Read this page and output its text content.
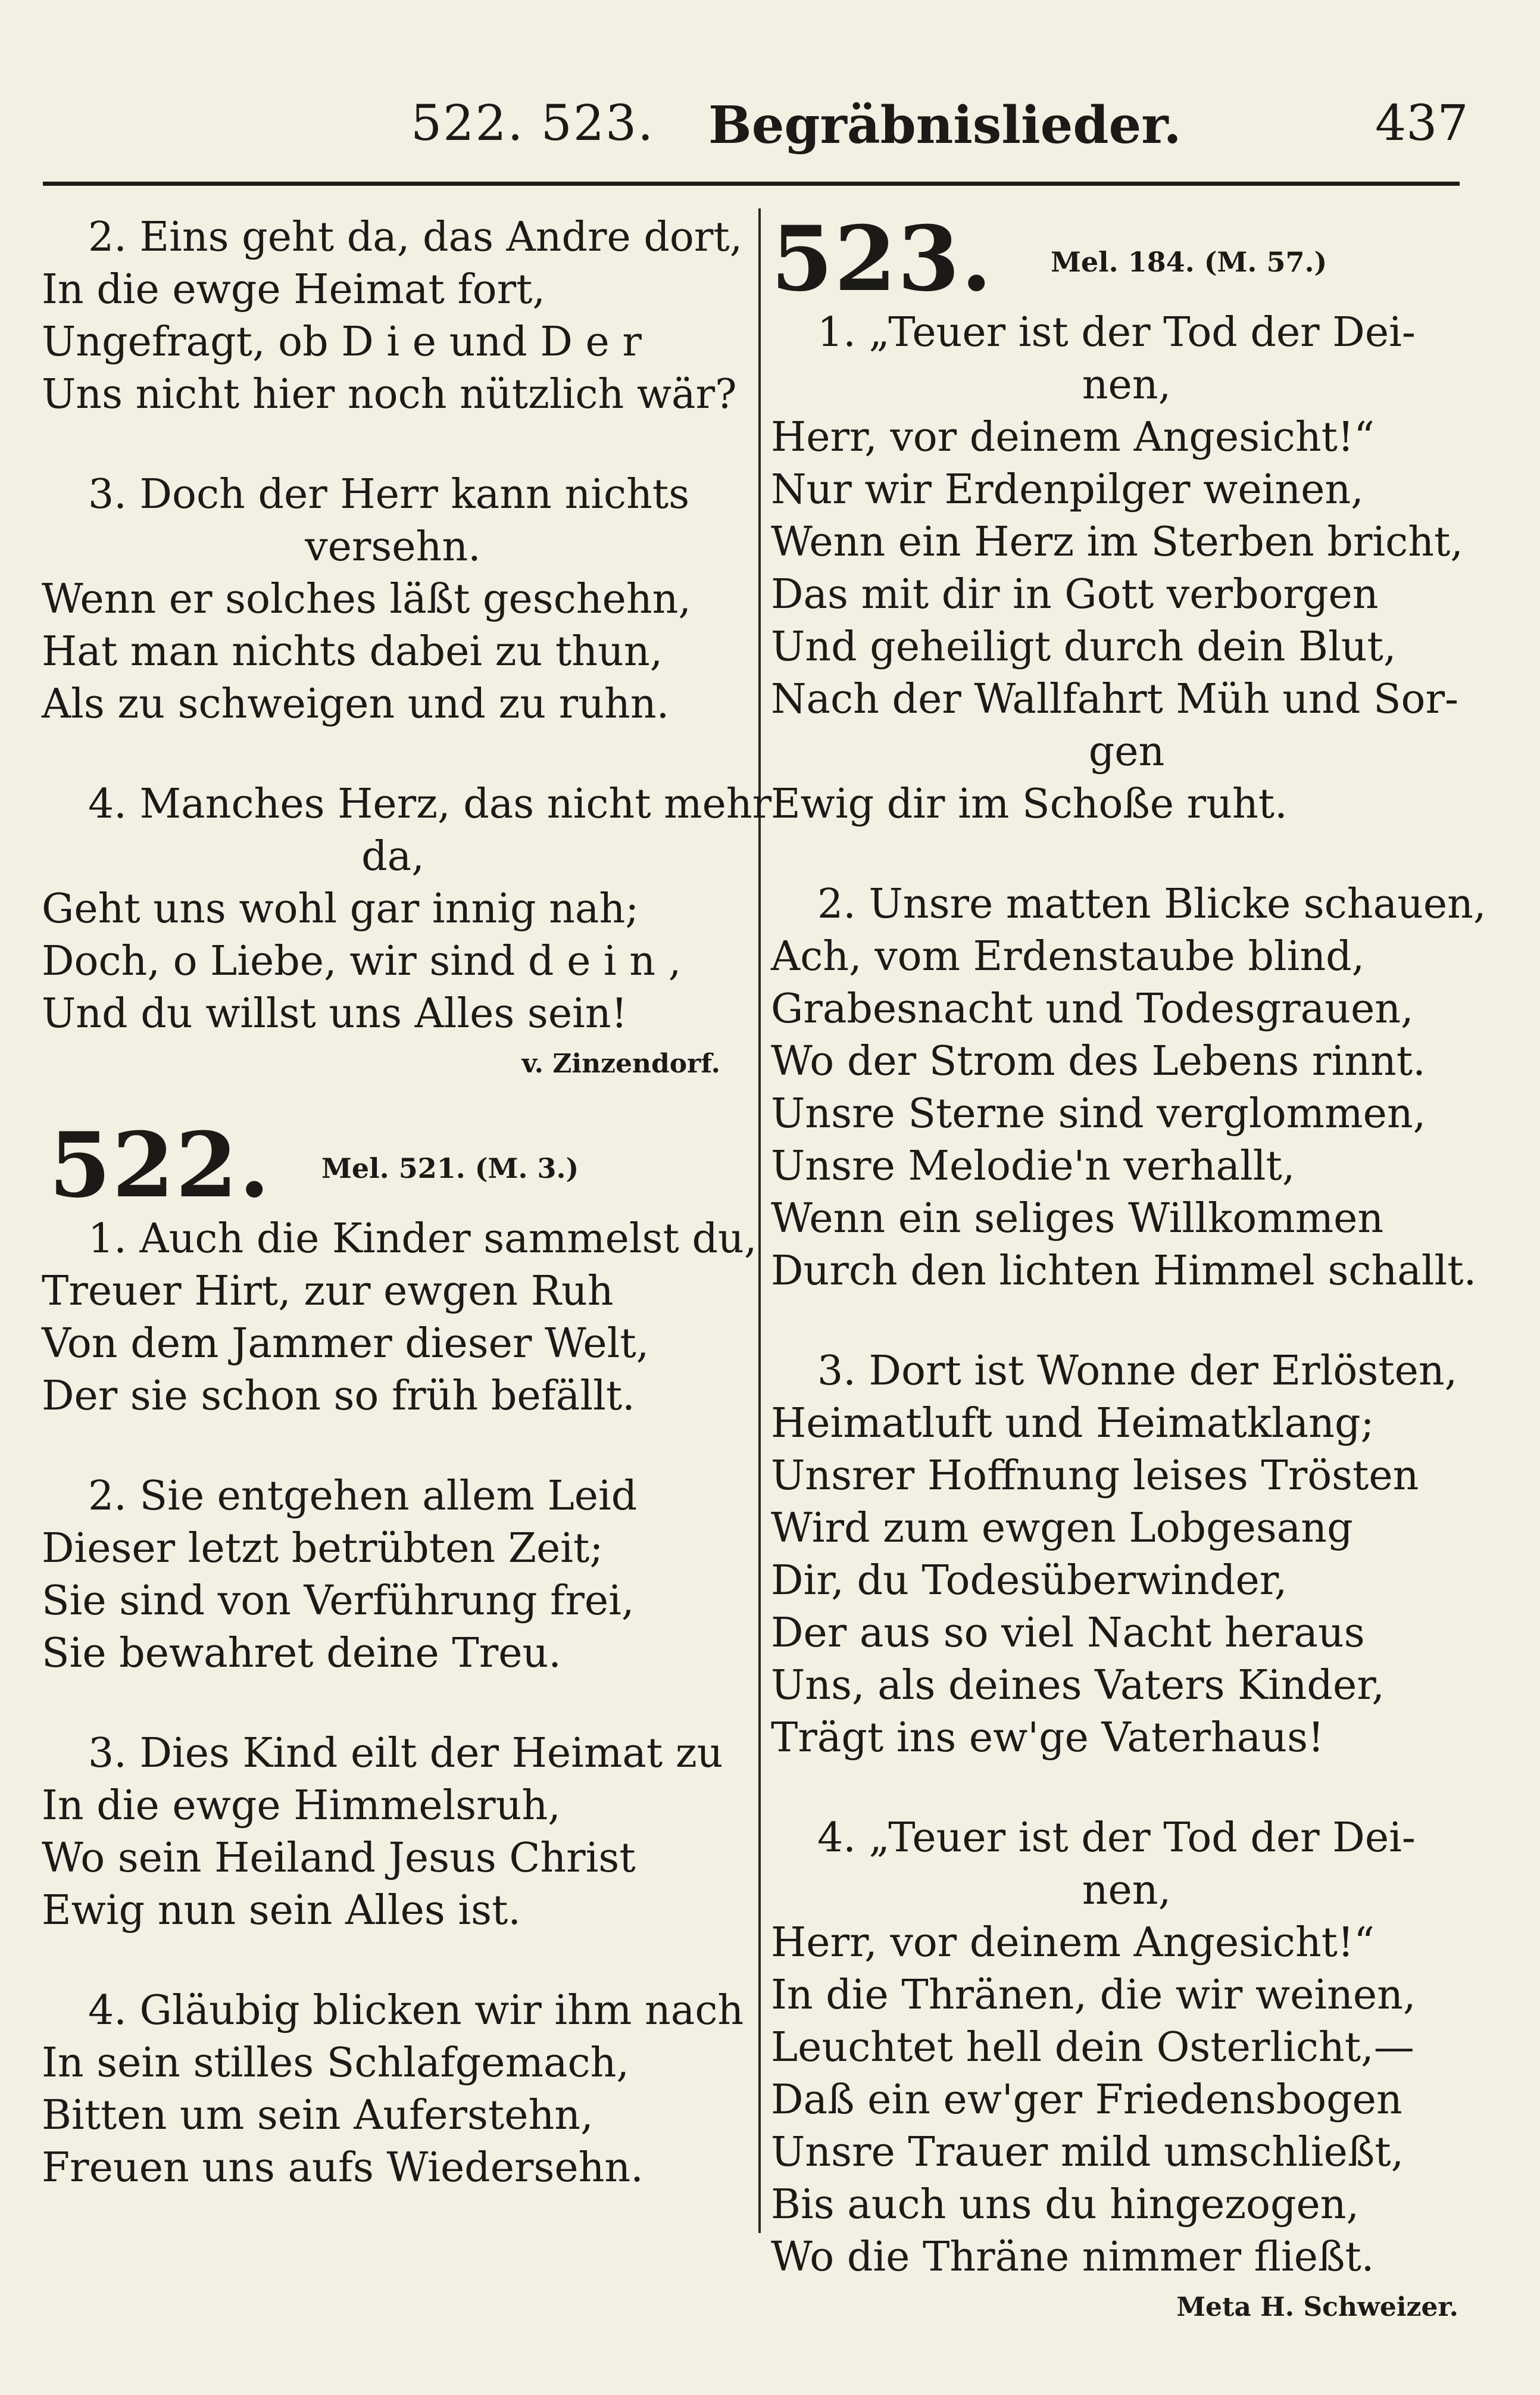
522. 523. Begräbnislieder.	437
2. Eins geht da, das Andre dort,
In die ewge Heimat fort,
Ungefragt, ob D i e und D e r
Uns nicht hier noch nützlich wär?
3. Doch der Herr kann nichts
versehn.
Wenn er solches läßt geschehn,
Hat man nichts dabei zu thun,
Als zu schweigen und zu ruhn.
4. Manches Herz, das nicht mehr
da,
Geht uns wohl gar innig nah;
Doch, o Liebe, wir sind d e i n ,
Und du willst uns Alles sein!
v. Zinzendorf.
522. Mel. 521. (M. 3.)
1. Auch die Kinder sammelst du,
Treuer Hirt, zur ewgen Ruh
Von dem Jammer dieser Welt,
Der sie schon so früh befällt.
2. Sie entgehen allem Leid
Dieser letzt betrübten Zeit;
Sie sind von Verführung frei,
Sie bewahret deine Treu.
3. Dies Kind eilt der Heimat zu
In die ewge Himmelsruh,
Wo sein Heiland Jesus Christ
Ewig nun sein Alles ist.
4. Gläubig blicken wir ihm nach
In sein stilles Schlafgemach,
Bitten um sein Auferstehn,
Freuen uns aufs Wiedersehn.
523. Mel. 184. (M. 57.)
1. „Teuer ist der Tod der Dei-
nen,
Herr, vor deinem Angesicht!“
Nur wir Erdenpilger weinen,
Wenn ein Herz im Sterben bricht,
Das mit dir in Gott verborgen
Und geheiligt durch dein Blut,
Nach der Wallfahrt Müh und Sor-
gen
Ewig dir im Schoße ruht.
2. Unsre matten Blicke schauen,
Ach, vom Erdenstaube blind,
Grabesnacht und Todesgrauen,
Wo der Strom des Lebens rinnt.
Unsre Sterne sind verglommen,
Unsre Melodie'n verhallt,
Wenn ein seliges Willkommen
Durch den lichten Himmel schallt.
3. Dort ist Wonne der Erlösten,
Heimatluft und Heimatklang;
Unsrer Hoffnung leises Trösten
Wird zum ewgen Lobgesang
Dir, du Todesüberwinder,
Der aus so viel Nacht heraus
Uns, als deines Vaters Kinder,
Trägt ins ew'ge Vaterhaus!
4. „Teuer ist der Tod der Dei-
nen,
Herr, vor deinem Angesicht!“
In die Thränen, die wir weinen,
Leuchtet hell dein Osterlicht,—
Daß ein ew'ger Friedensbogen
Unsre Trauer mild umschließt,
Bis auch uns du hingezogen,
Wo die Thräne nimmer fließt.
Meta H. Schweizer.
